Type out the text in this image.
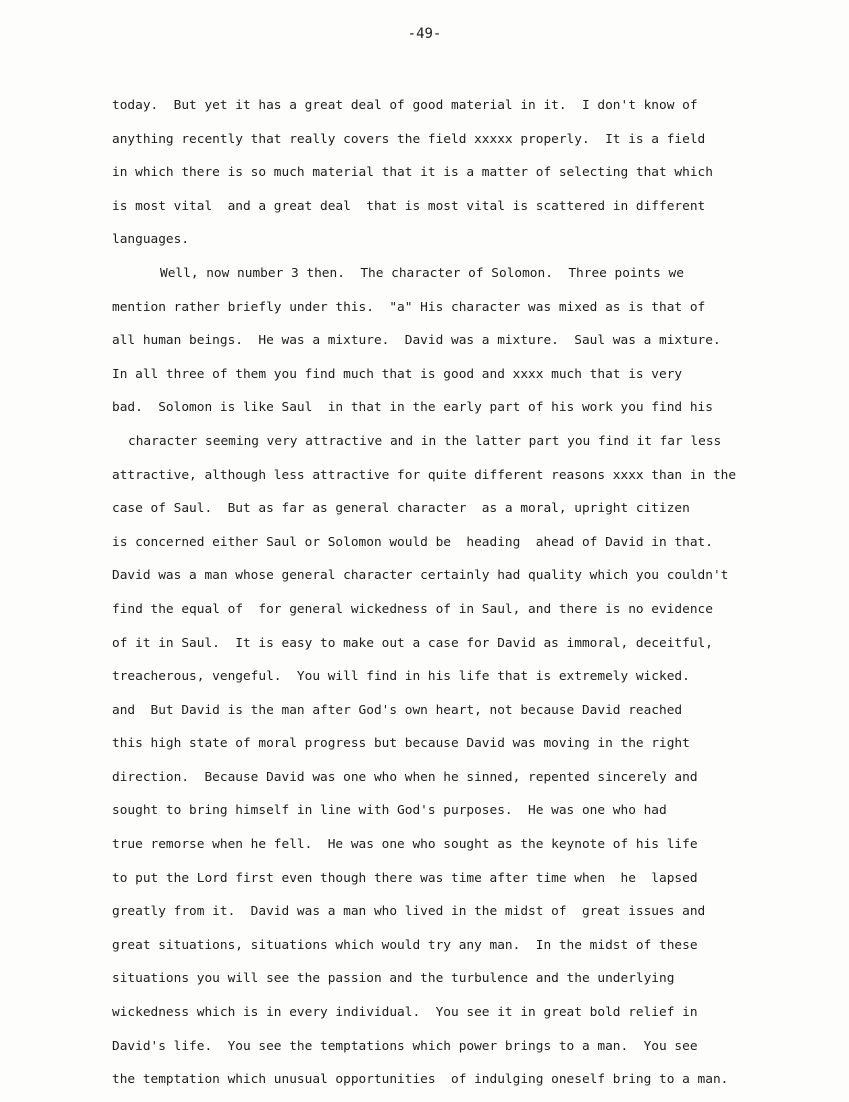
-49-
today.  But yet it has a great deal of good material in it.  I don't know of
anything recently that really covers the field xxxxx properly.  It is a field
in which there is so much material that it is a matter of selecting that which
is most vital  and a great deal  that is most vital is scattered in different
languages.
Well, now number 3 then.  The character of Solomon.  Three points we
mention rather briefly under this.  "a" His character was mixed as is that of
all human beings.  He was a mixture.  David was a mixture.  Saul was a mixture.
In all three of them you find much that is good and xxxx much that is very
bad.  Solomon is like Saul  in that in the early part of his work you find his
character seeming very attractive and in the latter part you find it far less
attractive, although less attractive for quite different reasons xxxx than in the
case of Saul.  But as far as general character  as a moral, upright citizen
is concerned either Saul or Solomon would be  heading  ahead of David in that.
David was a man whose general character certainly had quality which you couldn't
find the equal of  for general wickedness of in Saul, and there is no evidence
of it in Saul.  It is easy to make out a case for David as immoral, deceitful,
treacherous, vengeful.  You will find in his life that is extremely wicked.
and  But David is the man after God's own heart, not because David reached
this high state of moral progress but because David was moving in the right
direction.  Because David was one who when he sinned, repented sincerely and
sought to bring himself in line with God's purposes.  He was one who had
true remorse when he fell.  He was one who sought as the keynote of his life
to put the Lord first even though there was time after time when  he  lapsed
greatly from it.  David was a man who lived in the midst of  great issues and
great situations, situations which would try any man.  In the midst of these
situations you will see the passion and the turbulence and the underlying
wickedness which is in every individual.  You see it in great bold relief in
David's life.  You see the temptations which power brings to a man.  You see
the temptation which unusual opportunities  of indulging oneself bring to a man.
